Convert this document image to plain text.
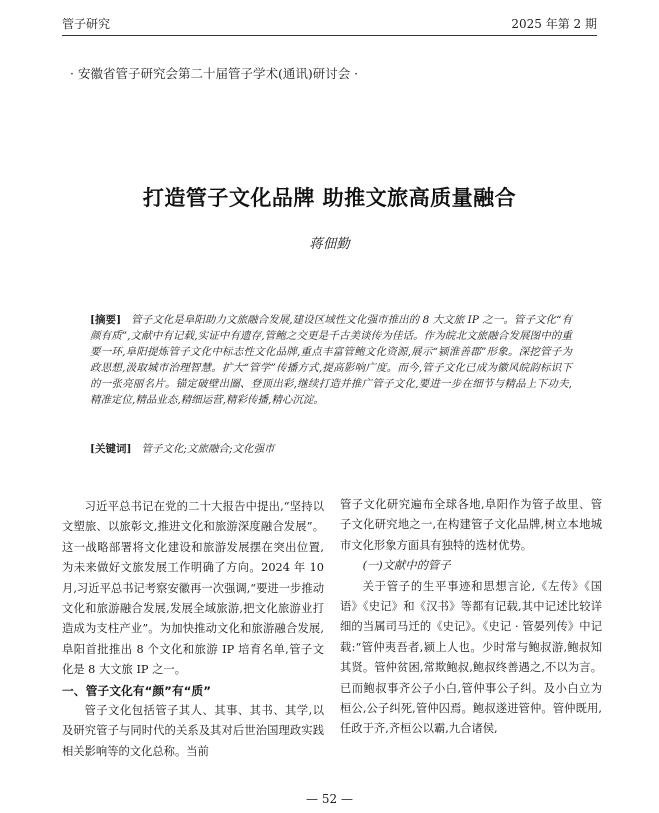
管子研究	2025 年第 2 期
· 安徽省管子研究会第二十届管子学术(通讯)研讨会 ·
打造管子文化品牌 助推文旅高质量融合
蒋佃勤
[摘要] 管子文化是阜阳助力文旅融合发展,建设区域性文化强市推出的 8 大文旅 IP 之一。管子文化“有颜有质”,文献中有记载,实证中有遗存,管鲍之交更是千古美谈传为佳话。作为皖北文旅融合发展图中的重要一环,阜阳提炼管子文化中标志性文化品牌,重点丰富管鲍文化资源,展示“颍淮善郡”形象。深挖管子为政思想,汲取城市治理智慧。扩大“管学”传播方式,提高影响广度。而今,管子文化已成为徽风皖韵标识下的一张亮丽名片。锚定破壁出圈、登顶出彩,继续打造并推广管子文化,要进一步在细节与精品上下功夫,精准定位,精品业态,精细运营,精彩传播,精心沉淀。
[关键词] 管子文化;文旅融合;文化强市

习近平总书记在党的二十大报告中提出,“坚持以文塑旅、以旅彰文,推进文化和旅游深度融合发展”。这一战略部署将文化建设和旅游发展摆在突出位置,为未来做好文旅发展工作明确了方向。2024 年 10 月,习近平总书记考察安徽再一次强调,“要进一步推动文化和旅游融合发展,发展全域旅游,把文化旅游业打造成为支柱产业”。为加快推动文化和旅游融合发展,阜阳首批推出 8 个文化和旅游 IP 培育名单,管子文化是 8 大文旅 IP 之一。

一、管子文化有“颜”有“质”

管子文化包括管子其人、其事、其书、其学,以及研究管子与同时代的关系及其对后世治国理政实践相关影响等的文化总称。当前

管子文化研究遍布全球各地,阜阳作为管子故里、管子文化研究地之一,在构建管子文化品牌,树立本地城市文化形象方面具有独特的选材优势。

(一)文献中的管子

关于管子的生平事迹和思想言论,《左传》《国语》《史记》和《汉书》等都有记载,其中记述比较详细的当属司马迁的《史记》。《史记 · 管晏列传》中记载:“管仲夷吾者,颍上人也。少时常与鲍叔游,鲍叔知其贤。管仲贫困,常欺鲍叔,鲍叔终善遇之,不以为言。已而鲍叔事齐公子小白,管仲事公子纠。及小白立为桓公,公子纠死,管仲囚焉。鲍叔遂进管仲。管仲既用,任政于齐,齐桓公以霸,九合诸侯,

— 52 —
